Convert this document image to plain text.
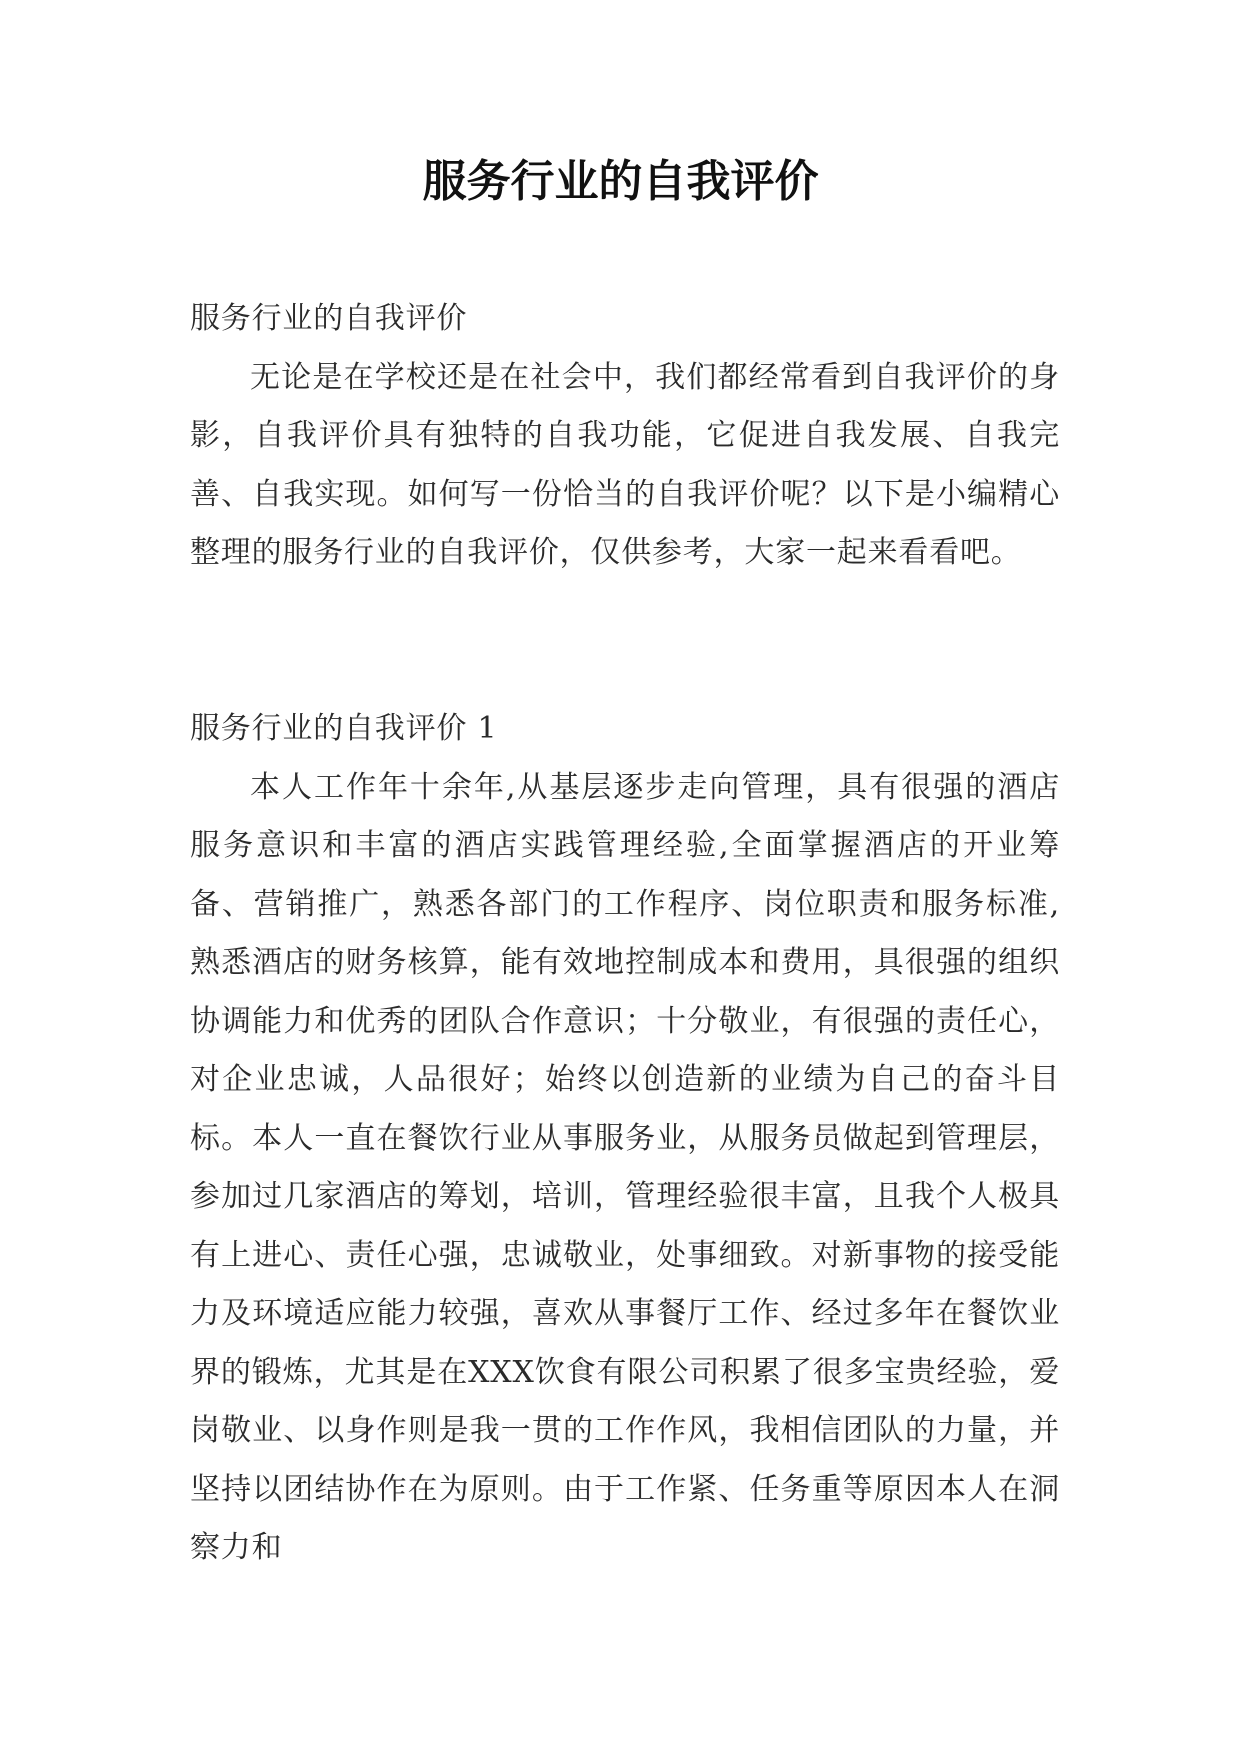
服务行业的自我评价

服务行业的自我评价

无论是在学校还是在社会中，我们都经常看到自我评价的身影，自我评价具有独特的自我功能，它促进自我发展、自我完善、自我实现。如何写一份恰当的自我评价呢？以下是小编精心整理的服务行业的自我评价，仅供参考，大家一起来看看吧。

服务行业的自我评价 1

本人工作年十余年,从基层逐步走向管理，具有很强的酒店服务意识和丰富的酒店实践管理经验,全面掌握酒店的开业筹备、营销推广，熟悉各部门的工作程序、岗位职责和服务标准,熟悉酒店的财务核算，能有效地控制成本和费用，具很强的组织协调能力和优秀的团队合作意识；十分敬业，有很强的责任心，对企业忠诚，人品很好；始终以创造新的业绩为自己的奋斗目标。本人一直在餐饮行业从事服务业，从服务员做起到管理层，参加过几家酒店的筹划，培训，管理经验很丰富，且我个人极具有上进心、责任心强，忠诚敬业，处事细致。对新事物的接受能力及环境适应能力较强，喜欢从事餐厅工作、经过多年在餐饮业界的锻炼，尤其是在XXX饮食有限公司积累了很多宝贵经验，爱岗敬业、以身作则是我一贯的工作作风，我相信团队的力量，并坚持以团结协作在为原则。由于工作紧、任务重等原因本人在洞察力和
